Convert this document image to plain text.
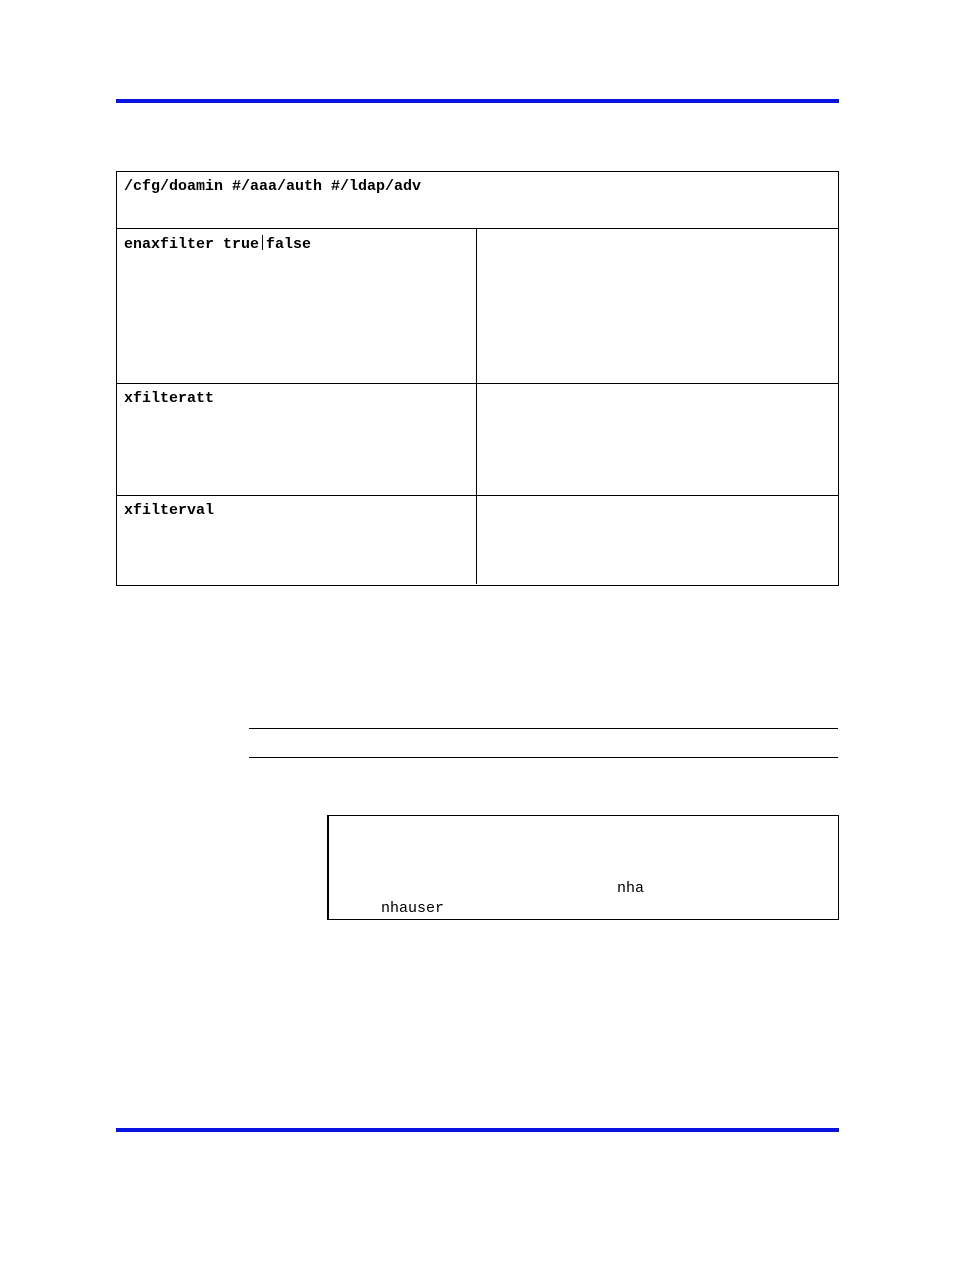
/cfg/doamin #/aaa/auth #/ldap/adv
enaxfilter true false
xfilteratt
xfilterval
nha
nhauser
